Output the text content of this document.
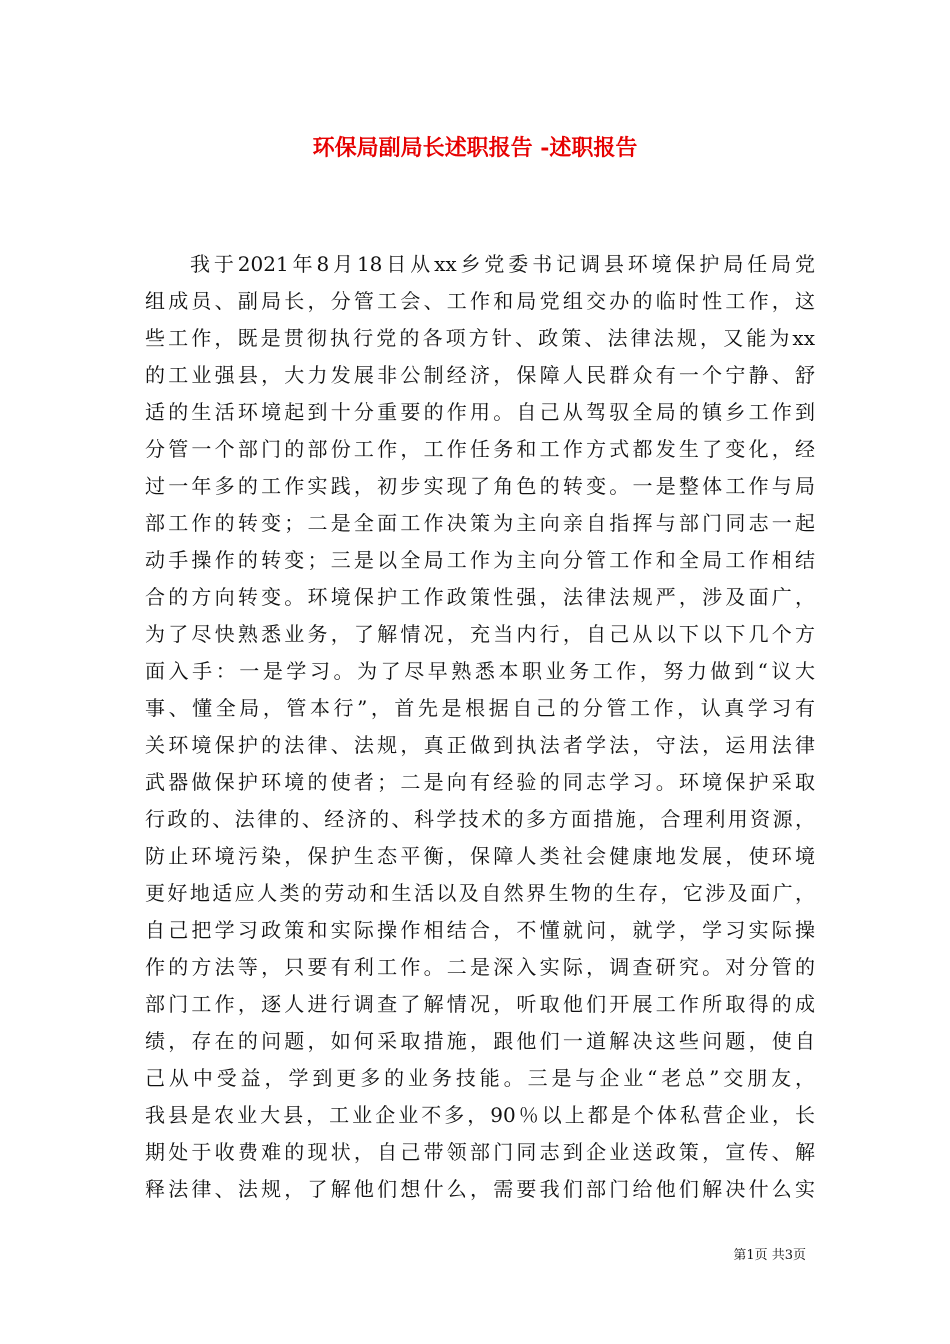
环保局副局长述职报告 -述职报告
我于2021年8月18日从xx乡党委书记调县环境保护局任局党
组成员、副局长，分管工会、工作和局党组交办的临时性工作，这
些工作，既是贯彻执行党的各项方针、政策、法律法规，又能为xx
的工业强县，大力发展非公制经济，保障人民群众有一个宁静、舒
适的生活环境起到十分重要的作用。自己从驾驭全局的镇乡工作到
分管一个部门的部份工作，工作任务和工作方式都发生了变化，经
过一年多的工作实践，初步实现了角色的转变。一是整体工作与局
部工作的转变；二是全面工作决策为主向亲自指挥与部门同志一起
动手操作的转变；三是以全局工作为主向分管工作和全局工作相结
合的方向转变。环境保护工作政策性强，法律法规严，涉及面广，
为了尽快熟悉业务，了解情况，充当内行，自己从以下以下几个方
面入手：一是学习。为了尽早熟悉本职业务工作，努力做到“议大
事、懂全局，管本行”，首先是根据自己的分管工作，认真学习有
关环境保护的法律、法规，真正做到执法者学法，守法，运用法律
武器做保护环境的使者；二是向有经验的同志学习。环境保护采取
行政的、法律的、经济的、科学技术的多方面措施，合理利用资源，
防止环境污染，保护生态平衡，保障人类社会健康地发展，使环境
更好地适应人类的劳动和生活以及自然界生物的生存，它涉及面广，
自己把学习政策和实际操作相结合，不懂就问，就学，学习实际操
作的方法等，只要有利工作。二是深入实际，调查研究。对分管的
部门工作，逐人进行调查了解情况，听取他们开展工作所取得的成
绩，存在的问题，如何采取措施，跟他们一道解决这些问题，使自
己从中受益，学到更多的业务技能。三是与企业“老总”交朋友，
我县是农业大县，工业企业不多，90％以上都是个体私营企业，长
期处于收费难的现状，自己带领部门同志到企业送政策，宣传、解
释法律、法规，了解他们想什么，需要我们部门给他们解决什么实
第1页 共3页
